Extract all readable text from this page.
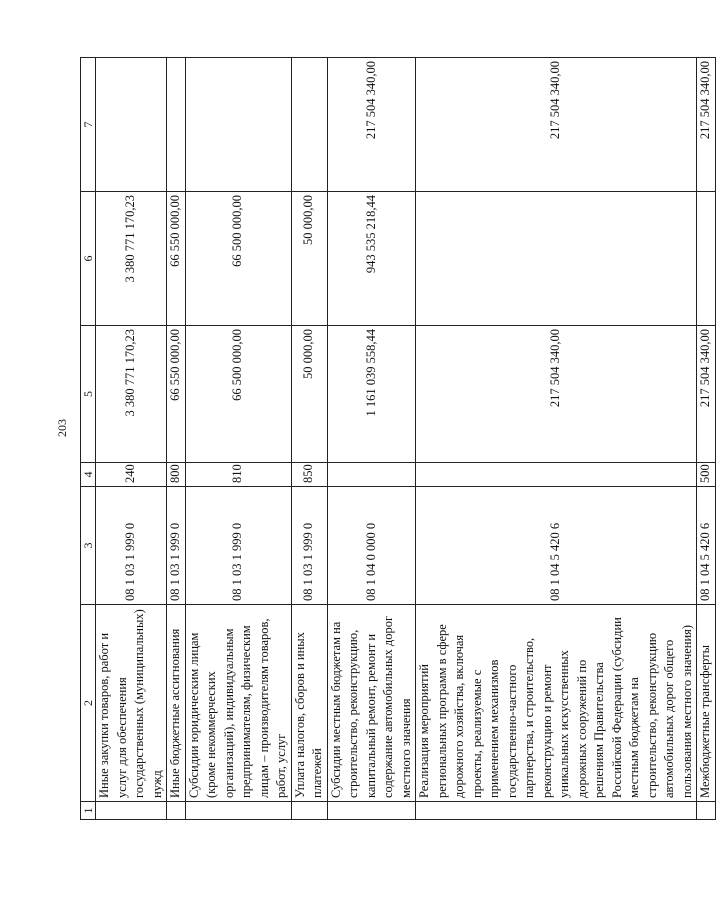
203
1	2	3	4	5	6	7
	Иные закупки товаров, работ и услуг для обеспечения государственных (муниципальных) нужд	08 1 03 1 999 0	240	3 380 771 170,23	3 380 771 170,23	
	Иные бюджетные ассигнования	08 1 03 1 999 0	800	66 550 000,00	66 550 000,00	
	Субсидии юридическим лицам (кроме некоммерческих организаций), индивидуальным предпринимателям, физическим лицам – производителям товаров, работ, услуг	08 1 03 1 999 0	810	66 500 000,00	66 500 000,00	
	Уплата налогов, сборов и иных платежей	08 1 03 1 999 0	850	50 000,00	50 000,00	
	Субсидии местным бюджетам на строительство, реконструкцию, капитальный ремонт, ремонт и содержание автомобильных дорог местного значения	08 1 04 0 000 0		1 161 039 558,44	943 535 218,44	217 504 340,00
	Реализация мероприятий региональных программ в сфере дорожного хозяйства, включая проекты, реализуемые с применением механизмов государственно-частного партнерства, и строительство, реконструкцию и ремонт уникальных искусственных дорожных сооружений по решениям Правительства Российской Федерации (субсидии местным бюджетам на строительство, реконструкцию автомобильных дорог общего пользования местного значения)	08 1 04 5 420 6		217 504 340,00		217 504 340,00
	Межбюджетные трансферты	08 1 04 5 420 6	500	217 504 340,00		217 504 340,00
